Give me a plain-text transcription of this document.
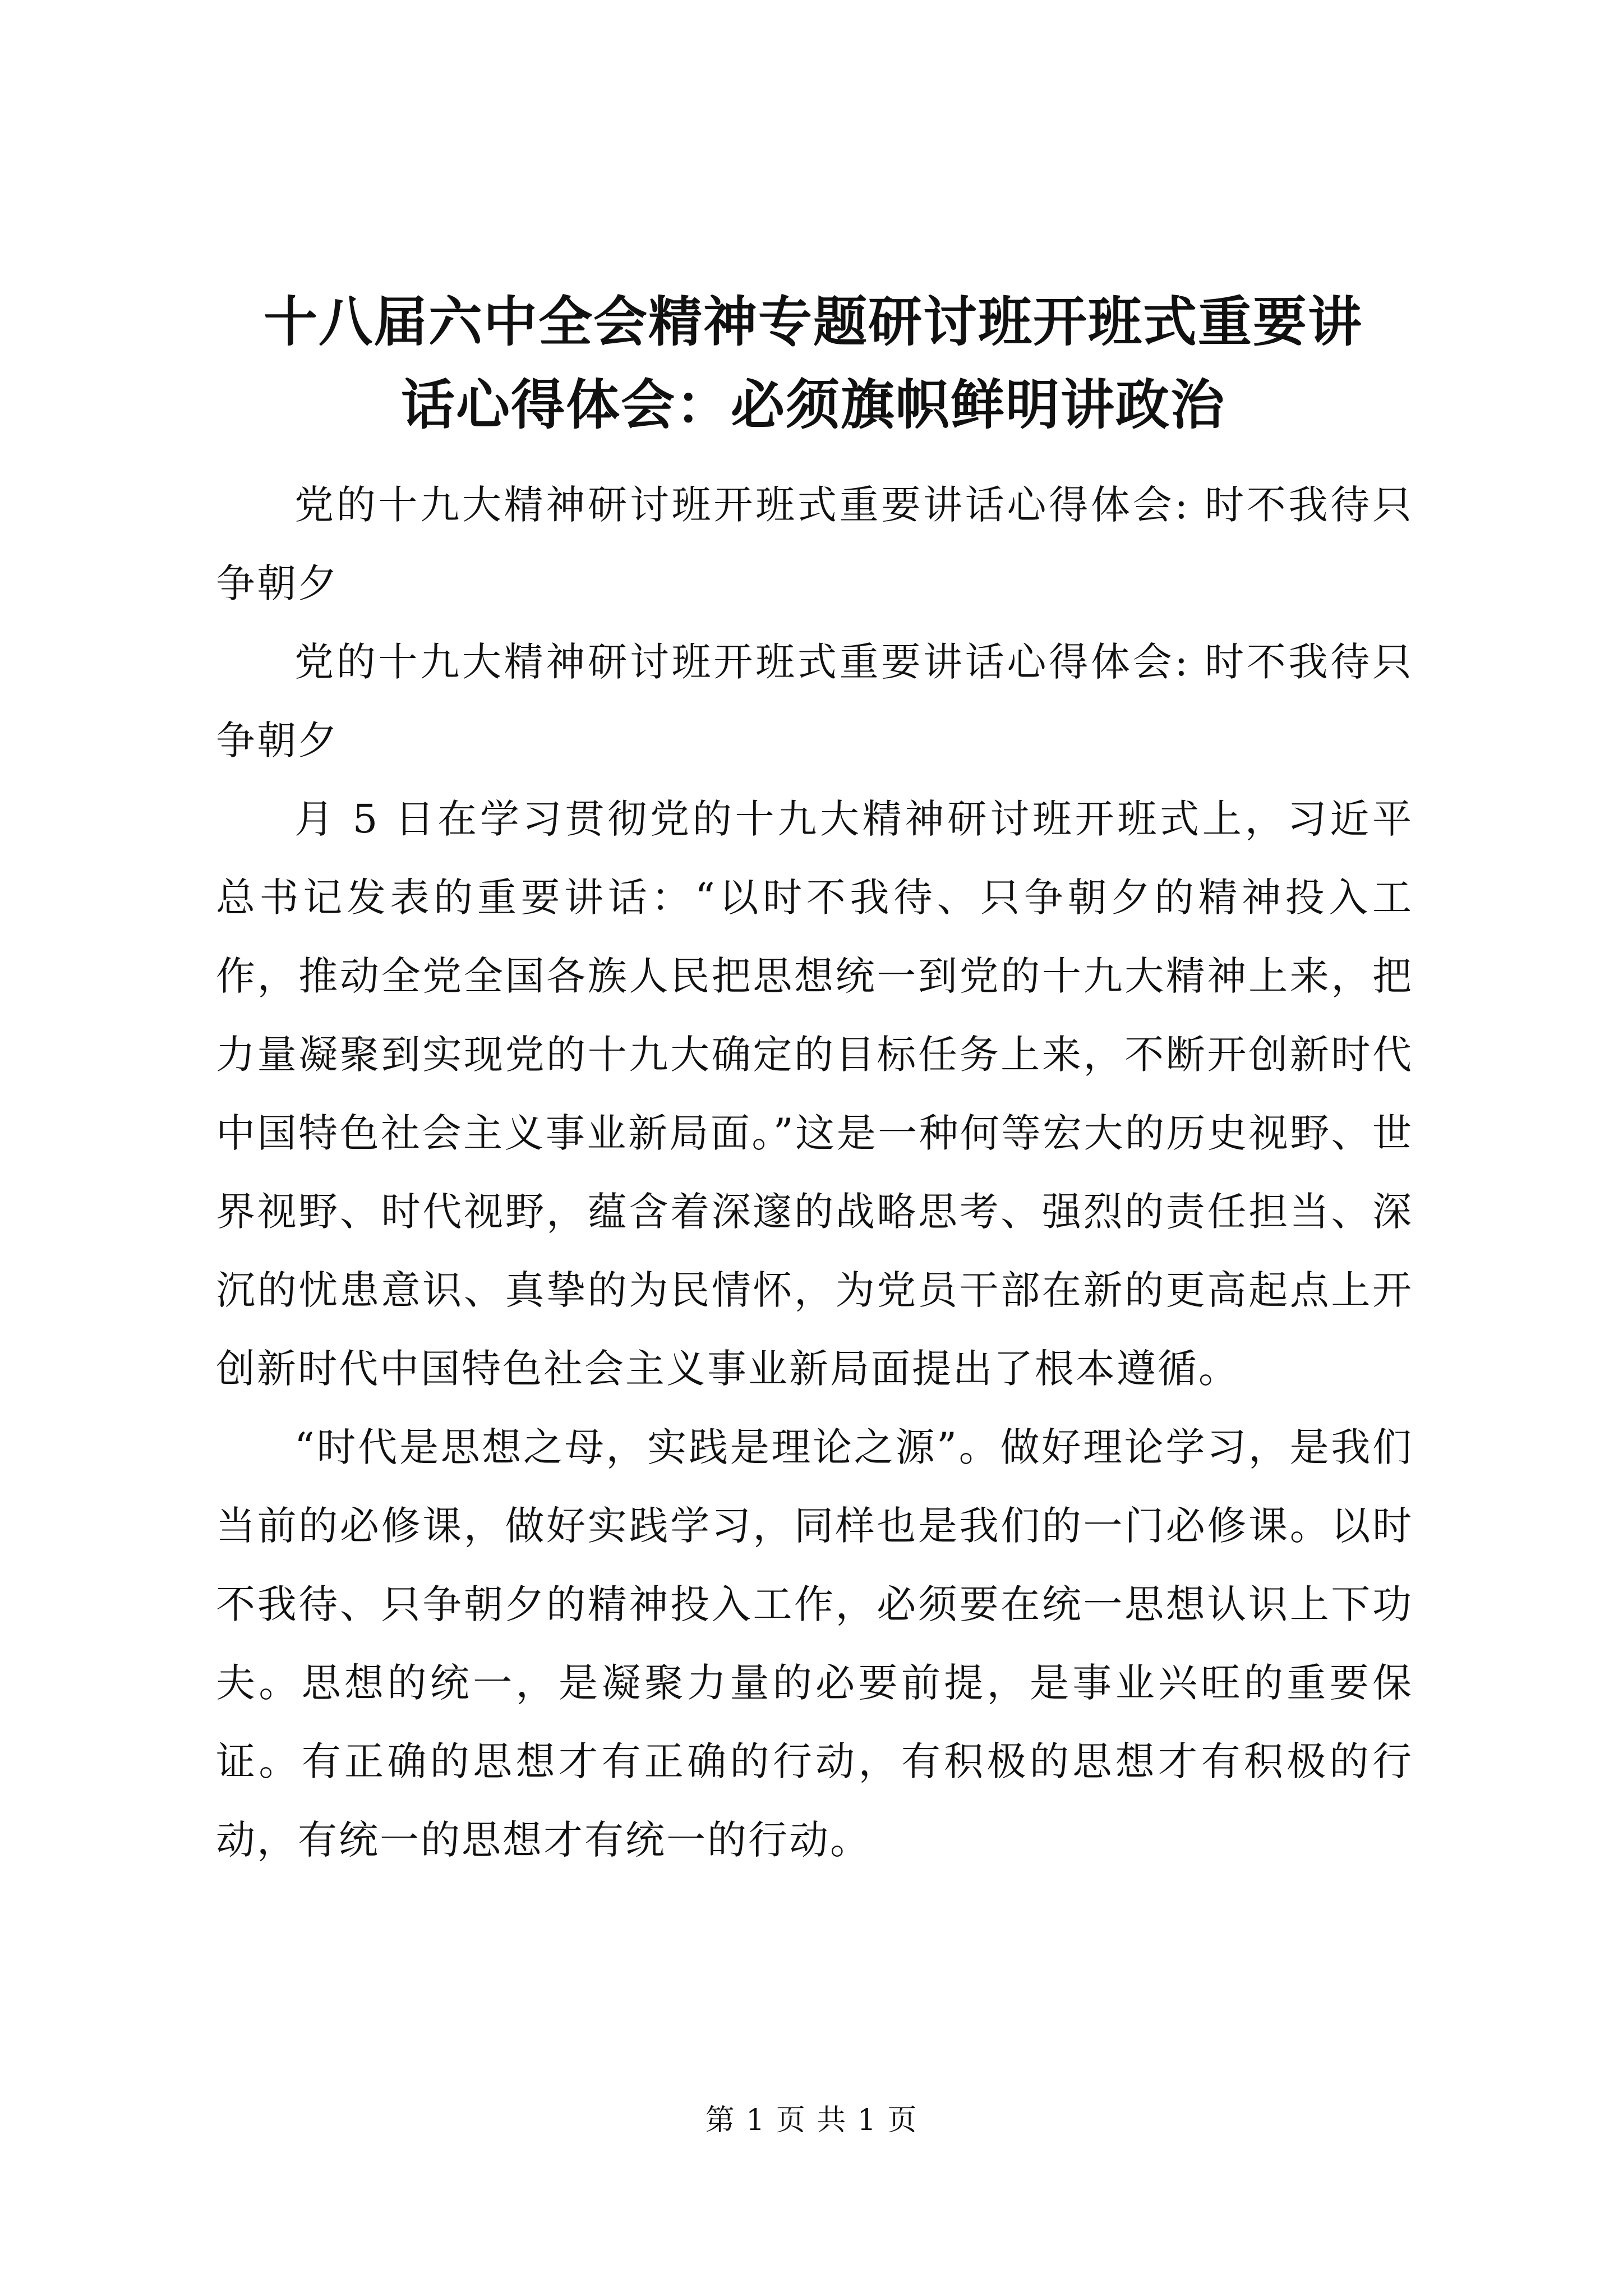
十八届六中全会精神专题研讨班开班式重要讲
话心得体会：必须旗帜鲜明讲政治

党的十九大精神研讨班开班式重要讲话心得体会: 时不我待只争朝夕

党的十九大精神研讨班开班式重要讲话心得体会: 时不我待只争朝夕

月 5 日在学习贯彻党的十九大精神研讨班开班式上，习近平总书记发表的重要讲话：“以时不我待、只争朝夕的精神投入工作，推动全党全国各族人民把思想统一到党的十九大精神上来，把力量凝聚到实现党的十九大确定的目标任务上来，不断开创新时代中国特色社会主义事业新局面。”这是一种何等宏大的历史视野、世界视野、时代视野，蕴含着深邃的战略思考、强烈的责任担当、深沉的忧患意识、真挚的为民情怀，为党员干部在新的更高起点上开创新时代中国特色社会主义事业新局面提出了根本遵循。

“时代是思想之母，实践是理论之源”。做好理论学习，是我们当前的必修课，做好实践学习，同样也是我们的一门必修课。以时不我待、只争朝夕的精神投入工作，必须要在统一思想认识上下功夫。思想的统一，是凝聚力量的必要前提，是事业兴旺的重要保证。有正确的思想才有正确的行动，有积极的思想才有积极的行动，有统一的思想才有统一的行动。

第 1 页 共 1 页
